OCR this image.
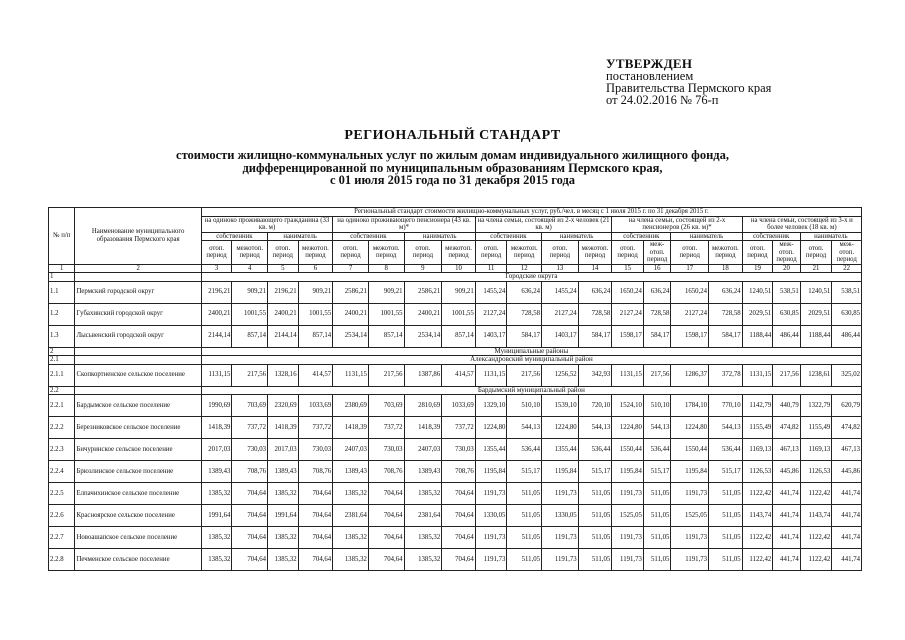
УТВЕРЖДЕН
постановлением
Правительства Пермского края
от 24.02.2016 № 76-п
РЕГИОНАЛЬНЫЙ СТАНДАРТ
стоимости жилищно-коммунальных услуг по жилым домам индивидуального жилищного фонда,
дифференцированной по муниципальным образованиям Пермского края,
с 01 июля 2015 года по 31 декабря 2015 года
№ п/п	Наименование муниципального образования Пермского края	Региональный стандарт стоимости жилищно-коммунальных услуг, руб./чел. в месяц с 1 июля 2015 г. по 31 декабря 2015 г.																			
		на одиноко проживающего гражданина (33 кв. м)				на одиноко проживающего пенсионера (43 кв. м)*				на члена семьи, состоящей из 2-х человек (21 кв. м)				на члена семьи, состоящей из 2-х пенсионеров (26 кв. м)*				на члена семьи, состоящей из 3-х и более человек (18 кв. м)			
		собственник		наниматель		собственник		наниматель		собственник		наниматель		собственник		наниматель		собственник		наниматель	
		отоп. период	межотоп. период	отоп. период	межотоп. период	отоп. период	межотоп. период	отоп. период	межотоп. период	отоп. период	межотоп. период	отоп. период	межотоп. период	отоп. период	меж-отоп. период	отоп. период	межотоп. период	отоп. период	меж-отоп. период	отоп. период	меж-отоп. период
1	2	3	4	5	6	7	8	9	10	11	12	13	14	15	16	17	18	19	20	21	22
1		Городские округа																			
1.1	Пермский городской округ	2196,21	909,21	2196,21	909,21	2586,21	909,21	2586,21	909,21	1455,24	636,24	1455,24	636,24	1650,24	636,24	1650,24	636,24	1240,51	538,51	1240,51	538,51
1.2	Губахинский городской округ	2400,21	1001,55	2400,21	1001,55	2400,21	1001,55	2400,21	1001,55	2127,24	728,58	2127,24	728,58	2127,24	728,58	2127,24	728,58	2029,51	630,85	2029,51	630,85
1.3	Лысьвенский городской округ	2144,14	857,14	2144,14	857,14	2534,14	857,14	2534,14	857,14	1403,17	584,17	1403,17	584,17	1598,17	584,17	1598,17	584,17	1188,44	486,44	1188,44	486,44
2		Муниципальные районы																			
2.1		Александровский муниципальный район																			
2.1.1	Скопкортненское сельское поселение	1131,15	217,56	1328,16	414,57	1131,15	217,56	1387,86	414,57	1131,15	217,56	1256,52	342,93	1131,15	217,56	1286,37	372,78	1131,15	217,56	1238,61	325,02
2.2		Бардымский муниципальный район																			
2.2.1	Бардымское сельское поселение	1990,69	703,69	2320,69	1033,69	2380,69	703,69	2810,69	1033,69	1329,10	510,10	1539,10	720,10	1524,10	510,10	1784,10	770,10	1142,79	440,79	1322,79	620,79
2.2.2	Березниковское сельское поселение	1418,39	737,72	1418,39	737,72	1418,39	737,72	1418,39	737,72	1224,80	544,13	1224,80	544,13	1224,80	544,13	1224,80	544,13	1155,49	474,82	1155,49	474,82
2.2.3	Бичуринское сельское поселение	2017,03	730,03	2017,03	730,03	2407,03	730,03	2407,03	730,03	1355,44	536,44	1355,44	536,44	1550,44	536,44	1550,44	536,44	1169,13	467,13	1169,13	467,13
2.2.4	Брюзлинское сельское поселение	1389,43	708,76	1389,43	708,76	1389,43	708,76	1389,43	708,76	1195,84	515,17	1195,84	515,17	1195,84	515,17	1195,84	515,17	1126,53	445,86	1126,53	445,86
2.2.5	Елпачихинское сельское поселение	1385,32	704,64	1385,32	704,64	1385,32	704,64	1385,32	704,64	1191,73	511,05	1191,73	511,05	1191,73	511,05	1191,73	511,05	1122,42	441,74	1122,42	441,74
2.2.6	Красноярское сельское поселение	1991,64	704,64	1991,64	704,64	2381,64	704,64	2381,64	704,64	1330,05	511,05	1330,05	511,05	1525,05	511,05	1525,05	511,05	1143,74	441,74	1143,74	441,74
2.2.7	Новоашапское сельское поселение	1385,32	704,64	1385,32	704,64	1385,32	704,64	1385,32	704,64	1191,73	511,05	1191,73	511,05	1191,73	511,05	1191,73	511,05	1122,42	441,74	1122,42	441,74
2.2.8	Печменское сельское поселение	1385,32	704,64	1385,32	704,64	1385,32	704,64	1385,32	704,64	1191,73	511,05	1191,73	511,05	1191,73	511,05	1191,73	511,05	1122,42	441,74	1122,42	441,74
